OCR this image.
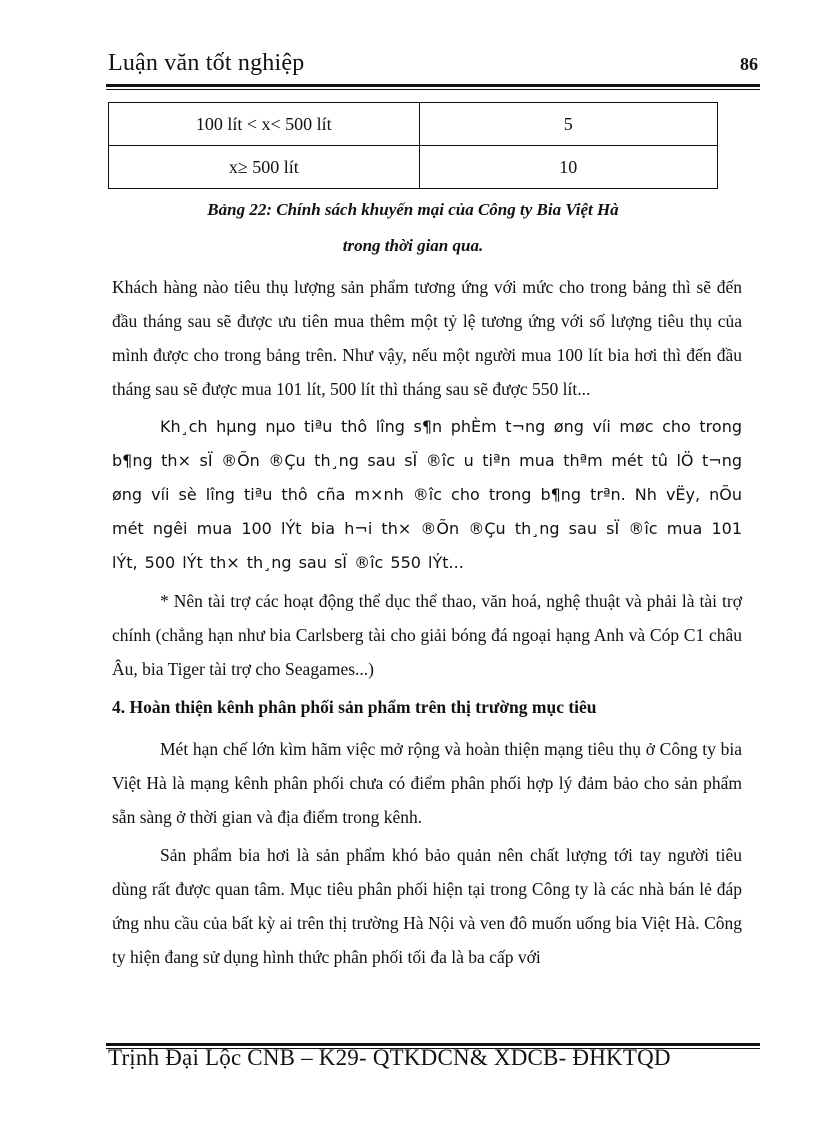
Luận văn tốt nghiệp	86
100 lít < x< 500 lít	5
x≥ 500 lít	10
Bảng 22: Chính sách khuyến mại của Công ty Bia Việt Hà
trong thời gian qua.

Khách hàng nào tiêu thụ lượng sản phẩm tương ứng với mức cho trong bảng thì sẽ đến đầu tháng sau sẽ được ưu tiên mua thêm một tỷ lệ tương ứng với số lượng tiêu thụ của mình được cho trong bảng trên. Như vậy, nếu một người mua 100 lít bia hơi thì đến đầu tháng sau sẽ được mua 101 lít, 500 lít thì tháng sau sẽ được 550 lít...

Kh¸ch hµng nµo tiªu thô lîng s¶n phÈm t¬ng øng víi møc cho trong b¶ng th× sÏ ®Õn ®Çu th¸ng sau sÏ ®îc u tiªn mua thªm mét tû lÖ t¬ng øng víi sè lîng tiªu thô cña m×nh ®îc cho trong b¶ng trªn. Nh vËy, nÕu mét ngêi mua 100 lÝt bia h¬i th× ®Õn ®Çu th¸ng sau sÏ ®îc mua 101 lÝt, 500 lÝt th× th¸ng sau sÏ ®îc 550 lÝt...

* Nên tài trợ các hoạt động thể dục thể thao, văn hoá, nghệ thuật và phải là tài trợ chính (chẳng hạn như bia Carlsberg tài cho giải bóng đá ngoại hạng Anh và Cóp C1 châu Âu, bia Tiger tài trợ cho Seagames...)

4. Hoàn thiện kênh phân phối sản phẩm trên thị trường mục tiêu

Mét hạn chế lớn kìm hãm việc mở rộng và hoàn thiện mạng tiêu thụ ở Công ty bia Việt Hà là mạng kênh phân phối chưa có điểm phân phối hợp lý đảm bảo cho sản phẩm sẵn sàng ở thời gian và địa điểm trong kênh.

Sản phẩm bia hơi là sản phẩm khó bảo quản nên chất lượng tới tay người tiêu dùng rất được quan tâm. Mục tiêu phân phối hiện tại trong Công ty là các nhà bán lẻ đáp ứng nhu cầu của bất kỳ ai trên thị trường Hà Nội và ven đô muốn uống bia Việt Hà. Công ty hiện đang sử dụng hình thức phân phối tối đa là ba cấp với

Trịnh Đại Lộc CNB – K29- QTKDCN& XDCB- ĐHKTQD
